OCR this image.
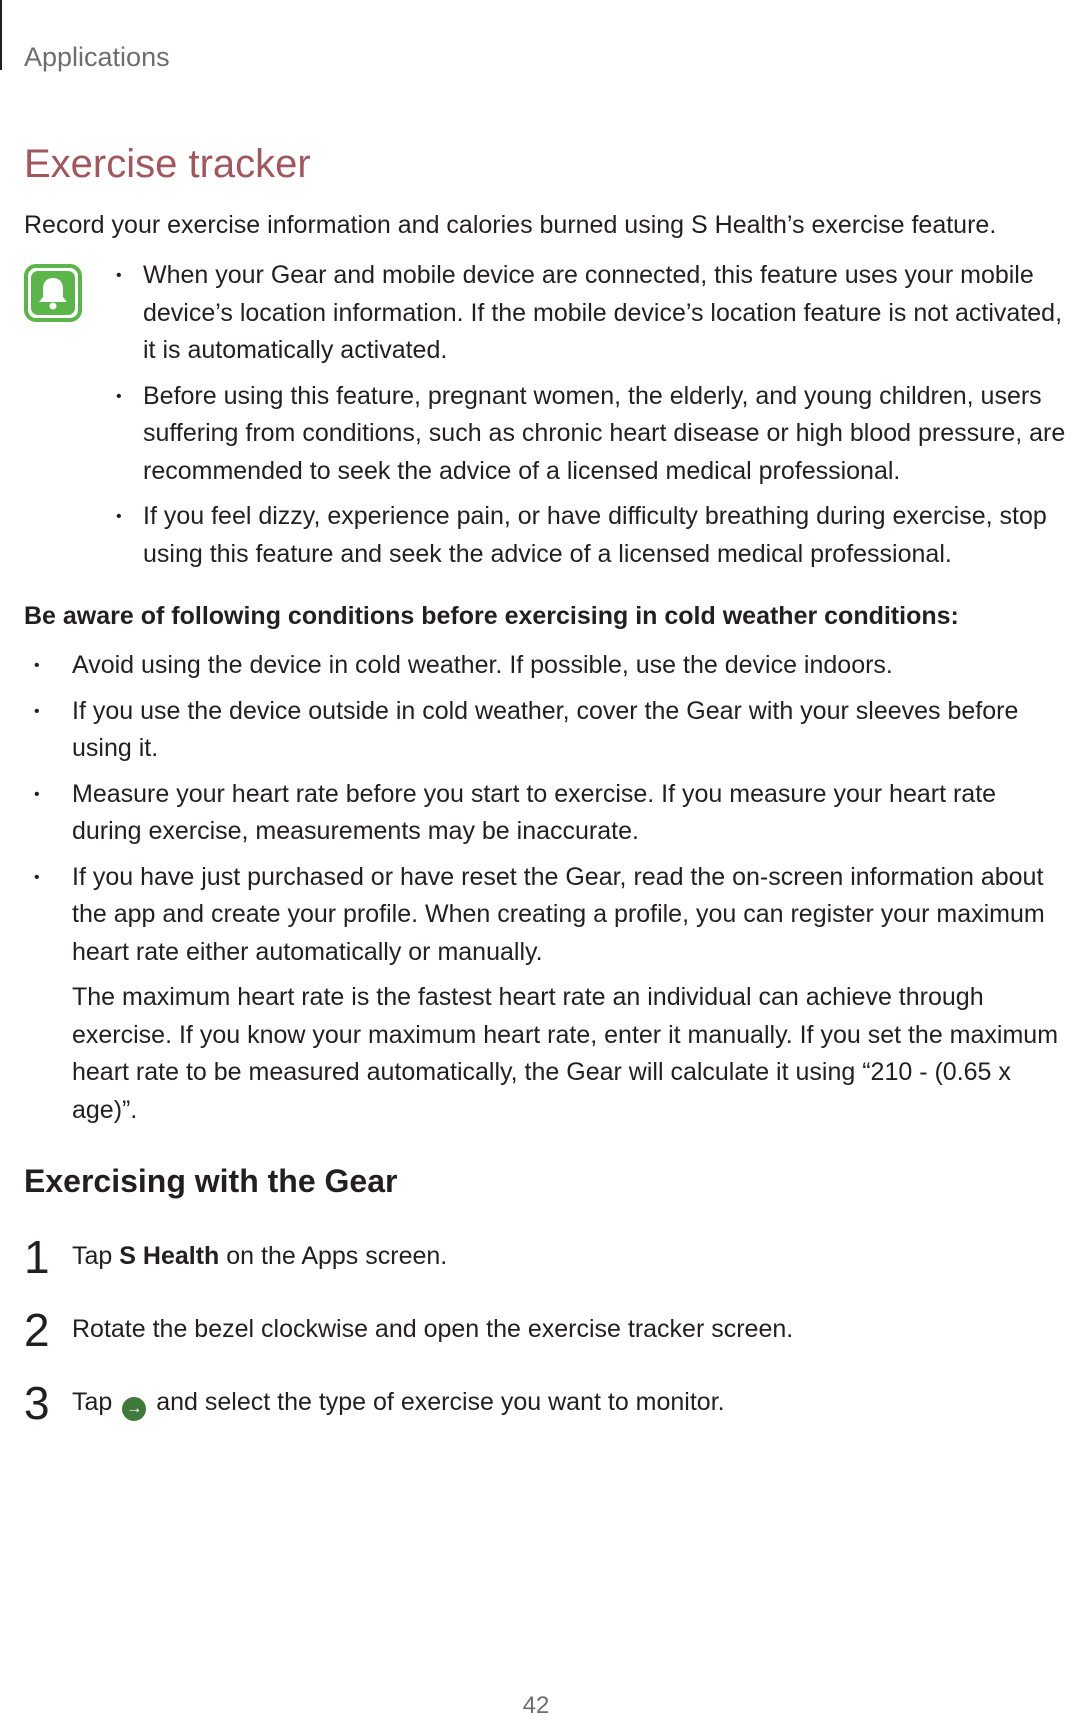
Applications
Exercise tracker

Record your exercise information and calories burned using S Health’s exercise feature.

• When your Gear and mobile device are connected, this feature uses your mobile device’s location information. If the mobile device’s location feature is not activated, it is automatically activated.
• Before using this feature, pregnant women, the elderly, and young children, users suffering from conditions, such as chronic heart disease or high blood pressure, are recommended to seek the advice of a licensed medical professional.
• If you feel dizzy, experience pain, or have difficulty breathing during exercise, stop using this feature and seek the advice of a licensed medical professional.
Be aware of following conditions before exercising in cold weather conditions:
• Avoid using the device in cold weather. If possible, use the device indoors.
• If you use the device outside in cold weather, cover the Gear with your sleeves before using it.
• Measure your heart rate before you start to exercise. If you measure your heart rate during exercise, measurements may be inaccurate.
• If you have just purchased or have reset the Gear, read the on-screen information about the app and create your profile. When creating a profile, you can register your maximum heart rate either automatically or manually.
The maximum heart rate is the fastest heart rate an individual can achieve through exercise. If you know your maximum heart rate, enter it manually. If you set the maximum heart rate to be measured automatically, the Gear will calculate it using “210 - (0.65 x age)”.
Exercising with the Gear
1 Tap S Health on the Apps screen.
2 Rotate the bezel clockwise and open the exercise tracker screen.
3 Tap → and select the type of exercise you want to monitor.
42
